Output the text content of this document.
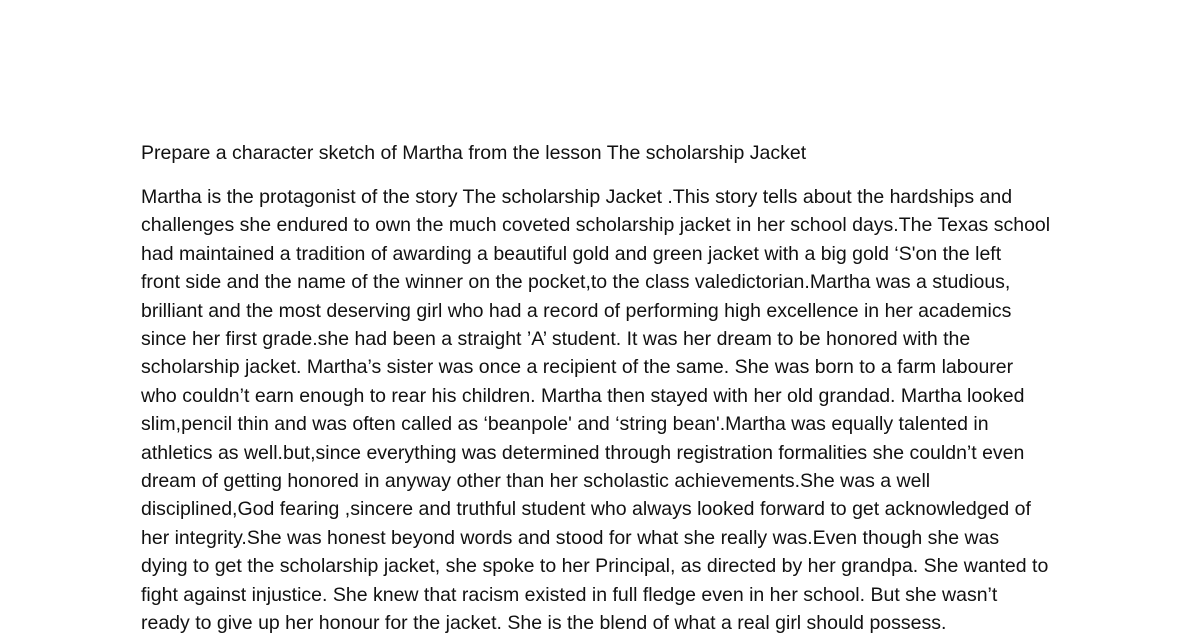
Prepare a character sketch of Martha from the lesson The scholarship Jacket
Martha is the protagonist of the story The scholarship Jacket .This story tells about the hardships and
challenges she endured to own the much coveted scholarship jacket in her school days.The Texas school
had maintained a tradition of awarding a beautiful gold and green jacket with a big gold ‘S'on the left
front side and the name of the winner on the pocket,to the class valedictorian.Martha was a studious,
brilliant and the most deserving girl who had a record of performing high excellence in her academics
since her first grade.she had been a straight ’A’ student. It was her dream to be honored with the
scholarship jacket. Martha’s sister was once a recipient of the same. She was born to a farm labourer
who couldn’t earn enough to rear his children. Martha then stayed with her old grandad. Martha looked
slim,pencil thin and was often called as ‘beanpole' and ‘string bean'.Martha was equally talented in
athletics as well.but,since everything was determined through registration formalities she couldn’t even
dream of getting honored in anyway other than her scholastic achievements.She was a well
disciplined,God fearing ,sincere and truthful student who always looked forward to get acknowledged of
her integrity.She was honest beyond words and stood for what she really was.Even though she was
dying to get the scholarship jacket, she spoke to her Principal, as directed by her grandpa. She wanted to
fight against injustice. She knew that racism existed in full fledge even in her school. But she wasn’t
ready to give up her honour for the jacket. She is the blend of what a real girl should possess.
